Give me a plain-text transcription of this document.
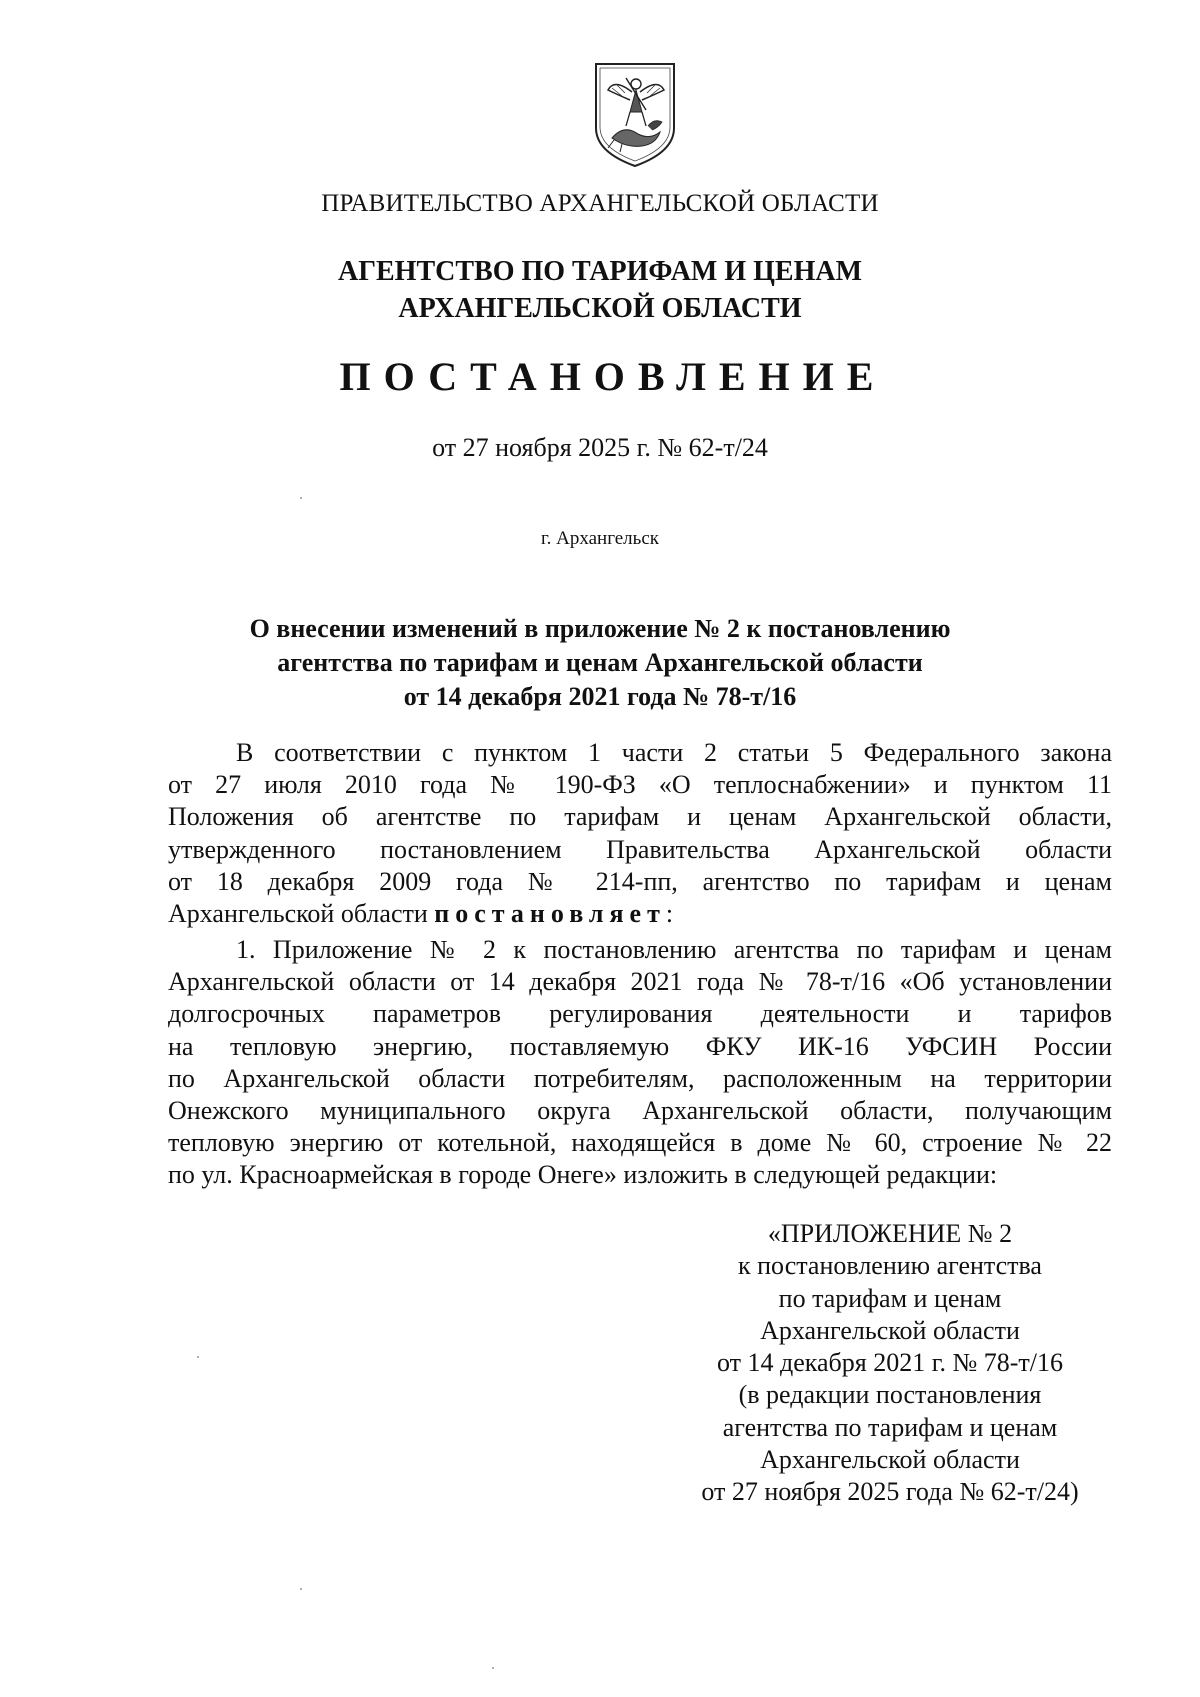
ПРАВИТЕЛЬСТВО АРХАНГЕЛЬСКОЙ ОБЛАСТИ
АГЕНТСТВО ПО ТАРИФАМ И ЦЕНАМ
АРХАНГЕЛЬСКОЙ ОБЛАСТИ
ПОСТАНОВЛЕНИЕ
от 27 ноября 2025 г. № 62-т/24
г. Архангельск
О внесении изменений в приложение № 2 к постановлению
агентства по тарифам и ценам Архангельской области
от 14 декабря 2021 года № 78-т/16
В соответствии с пунктом 1 части 2 статьи 5 Федерального закона
от 27 июля 2010 года № 190-ФЗ «О теплоснабжении» и пунктом 11
Положения об агентстве по тарифам и ценам Архангельской области,
утвержденного постановлением Правительства Архангельской области
от 18 декабря 2009 года № 214-пп, агентство по тарифам и ценам
Архангельской области постановляет:
1. Приложение № 2 к постановлению агентства по тарифам и ценам
Архангельской области от 14 декабря 2021 года № 78-т/16 «Об установлении
долгосрочных параметров регулирования деятельности и тарифов
на тепловую энергию, поставляемую ФКУ ИК-16 УФСИН России
по Архангельской области потребителям, расположенным на территории
Онежского муниципального округа Архангельской области, получающим
тепловую энергию от котельной, находящейся в доме № 60, строение № 22
по ул. Красноармейская в городе Онеге» изложить в следующей редакции:
«ПРИЛОЖЕНИЕ № 2
к постановлению агентства
по тарифам и ценам
Архангельской области
от 14 декабря 2021 г. № 78-т/16
(в редакции постановления
агентства по тарифам и ценам
Архангельской области
от 27 ноября 2025 года № 62-т/24)
